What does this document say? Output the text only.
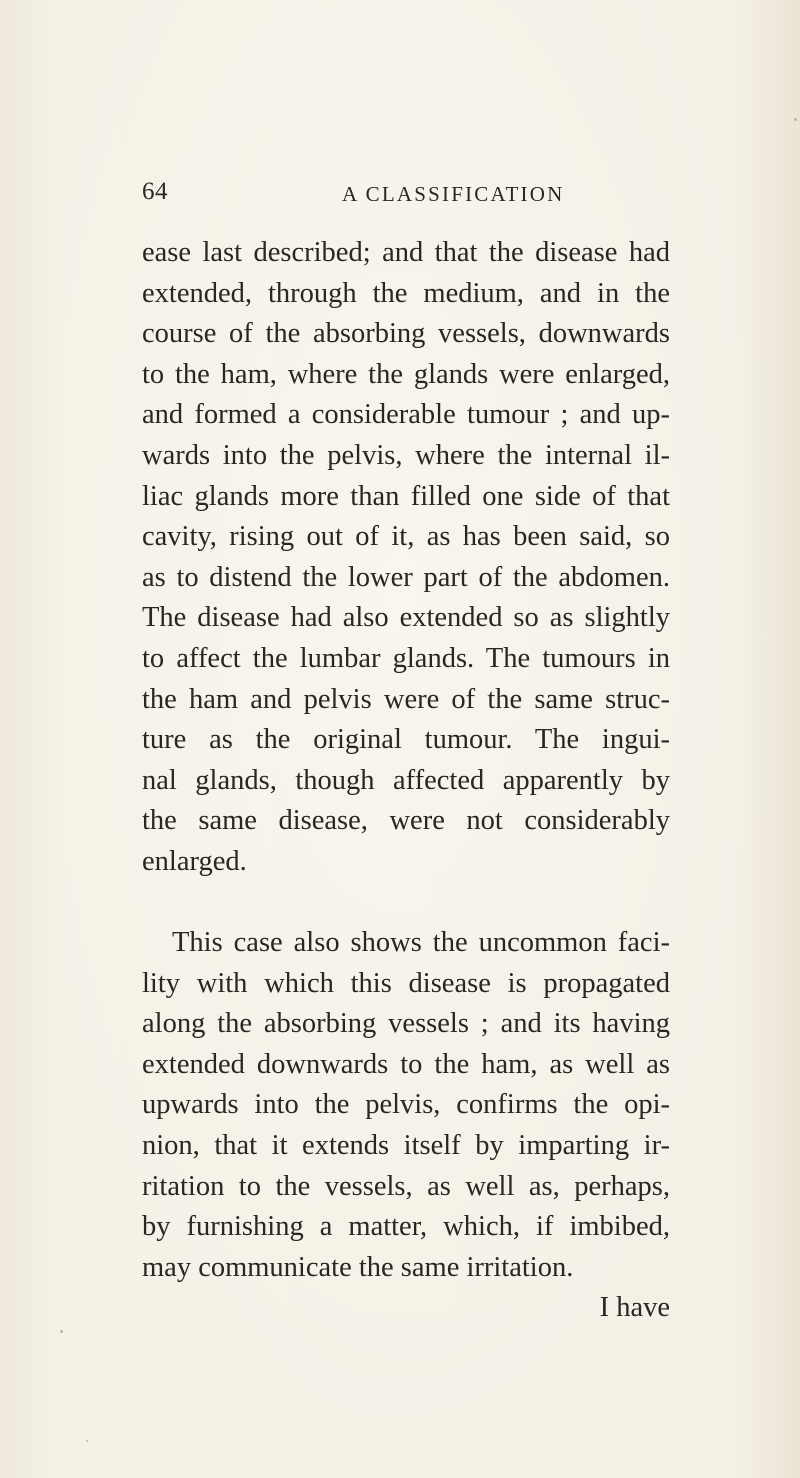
64	A CLASSIFICATION
ease last described; and that the disease had
extended, through the medium, and in the
course of the absorbing vessels, downwards
to the ham, where the glands were enlarged,
and formed a considerable tumour ; and up-
wards into the pelvis, where the internal il-
liac glands more than filled one side of that
cavity, rising out of it, as has been said, so
as to distend the lower part of the abdomen.
The disease had also extended so as slightly
to affect the lumbar glands. The tumours in
the ham and pelvis were of the same struc-
ture as the original tumour. The ingui-
nal glands, though affected apparently by
the same disease, were not considerably
enlarged.
This case also shows the uncommon faci-
lity with which this disease is propagated
along the absorbing vessels ; and its having
extended downwards to the ham, as well as
upwards into the pelvis, confirms the opi-
nion, that it extends itself by imparting ir-
ritation to the vessels, as well as, perhaps,
by furnishing a matter, which, if imbibed,
may communicate the same irritation.
I have
